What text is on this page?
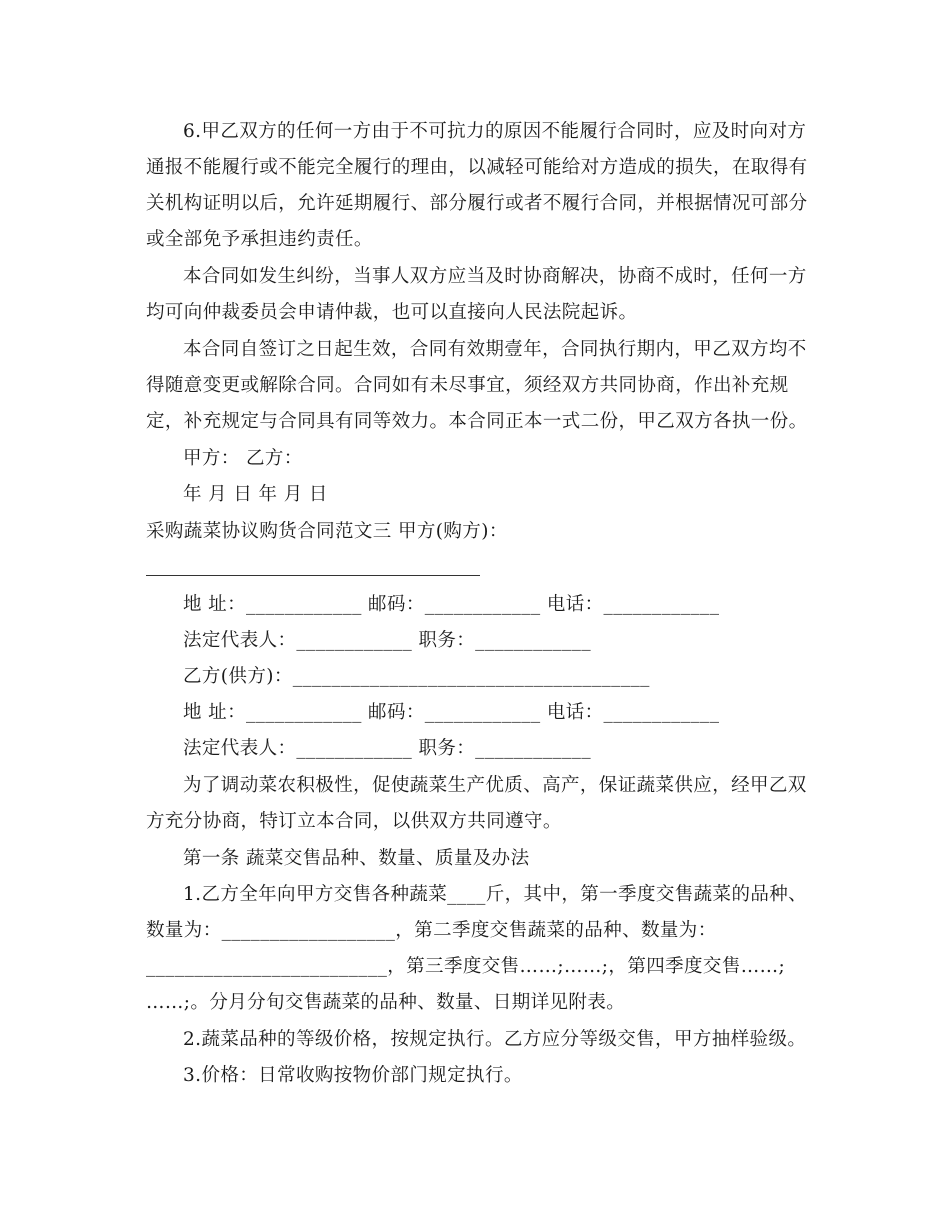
6.甲乙双方的任何一方由于不可抗力的原因不能履行合同时，应及时向对方
通报不能履行或不能完全履行的理由，以减轻可能给对方造成的损失，在取得有
关机构证明以后，允许延期履行、部分履行或者不履行合同，并根据情况可部分
或全部免予承担违约责任。
本合同如发生纠纷，当事人双方应当及时协商解决，协商不成时，任何一方
均可向仲裁委员会申请仲裁，也可以直接向人民法院起诉。
本合同自签订之日起生效，合同有效期壹年，合同执行期内，甲乙双方均不
得随意变更或解除合同。合同如有未尽事宜，须经双方共同协商，作出补充规
定，补充规定与合同具有同等效力。本合同正本一式二份，甲乙双方各执一份。
甲方： 乙方：
年 月 日 年 月 日
采购蔬菜协议购货合同范文三 甲方(购方)：
地 址：____________ 邮码：____________ 电话：____________
法定代表人：____________ 职务：____________
乙方(供方)：_____________________________________
地 址：____________ 邮码：____________ 电话：____________
法定代表人：____________ 职务：____________
为了调动菜农积极性，促使蔬菜生产优质、高产，保证蔬菜供应，经甲乙双
方充分协商，特订立本合同，以供双方共同遵守。
第一条 蔬菜交售品种、数量、质量及办法
1.乙方全年向甲方交售各种蔬菜____斤，其中，第一季度交售蔬菜的品种、
数量为：__________________，第二季度交售蔬菜的品种、数量为：
_________________________，第三季度交售……;……;，第四季度交售……;
……;。分月分旬交售蔬菜的品种、数量、日期详见附表。
2.蔬菜品种的等级价格，按规定执行。乙方应分等级交售，甲方抽样验级。
3.价格：日常收购按物价部门规定执行。
